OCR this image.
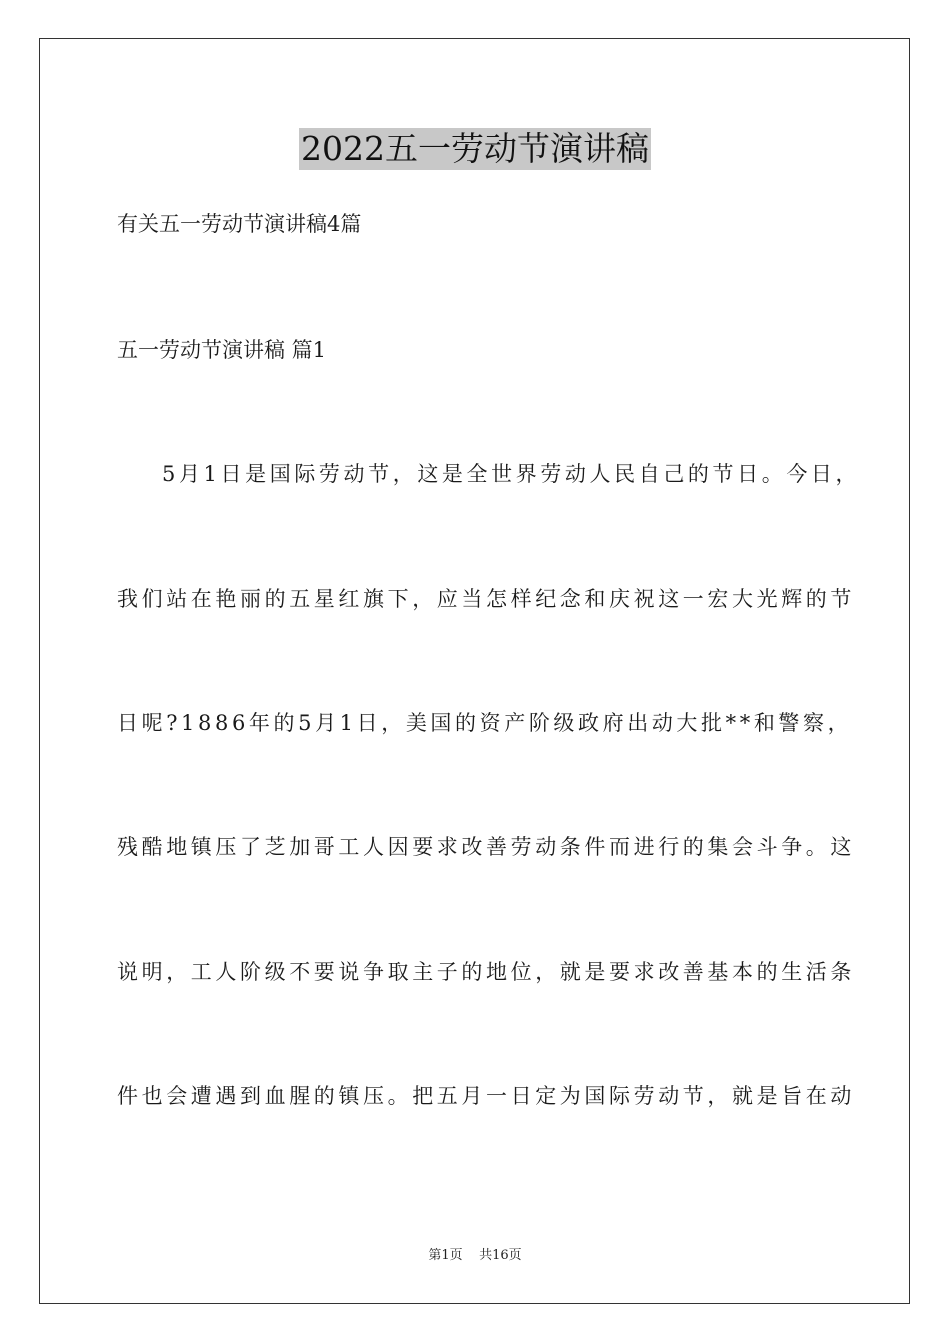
2022五一劳动节演讲稿
有关五一劳动节演讲稿4篇
五一劳动节演讲稿 篇1
5月1日是国际劳动节，这是全世界劳动人民自己的节日。今日，
我们站在艳丽的五星红旗下，应当怎样纪念和庆祝这一宏大光辉的节
日呢?1886年的5月1日，美国的资产阶级政府出动大批**和警察，
残酷地镇压了芝加哥工人因要求改善劳动条件而进行的集会斗争。这
说明，工人阶级不要说争取主子的地位，就是要求改善基本的生活条
件也会遭遇到血腥的镇压。把五月一日定为国际劳动节，就是旨在动
第1页 共16页
